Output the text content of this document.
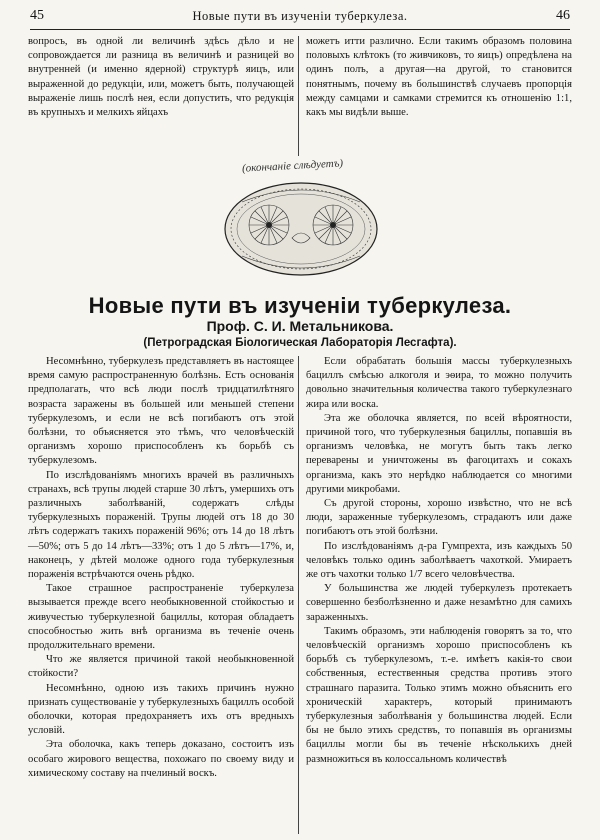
45	Новые пути въ изученiи туберкулеза.	46

вопросъ, въ одной ли величинѣ здѣсь дѣло и не сопровождается ли разница въ величинѣ и разницей во внутренней (и именно ядерной) структурѣ яицъ, или выраженной до редукцiи, или, можетъ быть, получающей выраженiе лишь послѣ нея, если допустить, что редукцiя въ крупныхъ и мелкихъ яйцахъ

можетъ итти различно. Если такимъ образомъ половина половыхъ клѣтокъ (то живчиковъ, то яицъ) опредѣлена на одинъ полъ, а другая—на другой, то становится понятнымъ, почему въ большинствѣ случаевъ пропорцiя между самцами и самками стремится къ отношенiю 1:1, какъ мы видѣли выше.

(окончанiе слѣдуетъ)
Новые пути въ изученiи туберкулеза.
Проф. С. И. Метальникова.
(Петроградская Бiологическая Лабораторiя Лесгафта).

Несомнѣнно, туберкулезъ представляетъ въ настоящее время самую распространенную болѣзнь. Есть основанiя предполагать, что всѣ люди послѣ тридцатилѣтняго возраста заражены въ большей или меньшей степени туберкулезомъ, и если не всѣ погибаютъ отъ этой болѣзни, то объясняется это тѣмъ, что человѣческiй организмъ хорошо приспособленъ къ борьбѣ съ туберкулезомъ.

По изслѣдованiямъ многихъ врачей въ различныхъ странахъ, всѣ трупы людей старше 30 лѣтъ, умершихъ отъ различныхъ заболѣванiй, содержатъ слѣды туберкулезныхъ пораженiй. Трупы людей отъ 18 до 30 лѣтъ содержатъ такихъ пораженiй 96%; отъ 14 до 18 лѣтъ—50%; отъ 5 до 14 лѣтъ—33%; отъ 1 до 5 лѣтъ—17%, и, наконецъ, у дѣтей моложе одного года туберкулезныя пораженiя встрѣчаются очень рѣдко.

Такое страшное распространенiе туберкулеза вызывается прежде всего необыкновенной стойкостью и живучестью туберкулезной бациллы, которая обладаетъ способностью жить внѣ организма въ теченiе очень продолжительнаго времени.

Что же является причиной такой необыкновенной стойкости?

Несомнѣнно, одною изъ такихъ причинъ нужно признать существованiе у туберкулезныхъ бациллъ особой оболочки, которая предохраняетъ ихъ отъ вредныхъ условiй.

Эта оболочка, какъ теперь доказано, состоитъ изъ особаго жирового вещества, похожаго по своему виду и химическому составу на пчелиный воскъ.

Если обрабатать большiя массы туберкулезныхъ бациллъ смѣсью алкоголя и эѳира, то можно получить довольно значительныя количества такого туберкулезнаго жира или воска.

Эта же оболочка является, по всей вѣроятности, причиной того, что туберкулезныя бациллы, попавшiя въ организмъ человѣка, не могутъ быть такъ легко переварены и уничтожены въ фагоцитахъ и сокахъ организма, какъ это нерѣдко наблюдается со многими другими микробами.

Съ другой стороны, хорошо извѣстно, что не всѣ люди, зараженные туберкулезомъ, страдаютъ или даже погибаютъ отъ этой болѣзни.

По изслѣдованiямъ д-ра Гумпрехта, изъ каждыхъ 50 человѣкъ только одинъ заболѣваетъ чахоткой. Умираетъ же отъ чахотки только 1/7 всего человѣчества.

У большинства же людей туберкулезъ протекаетъ совершенно безболѣзненно и даже незамѣтно для самихъ зараженныхъ.

Такимъ образомъ, эти наблюденiя говорятъ за то, что человѣческiй организмъ хорошо приспособленъ къ борьбѣ съ туберкулезомъ, т.-е. имѣетъ какiя-то свои собственныя, естественныя средства противъ этого страшнаго паразита. Только этимъ можно объяснить его хроническiй характеръ, который принимаютъ туберкулезныя заболѣванiя у большинства людей. Если бы не было этихъ средствъ, то попавшiя въ организмы бациллы могли бы въ теченiе нѣсколькихъ дней размножиться въ колоссальномъ количествѣ
